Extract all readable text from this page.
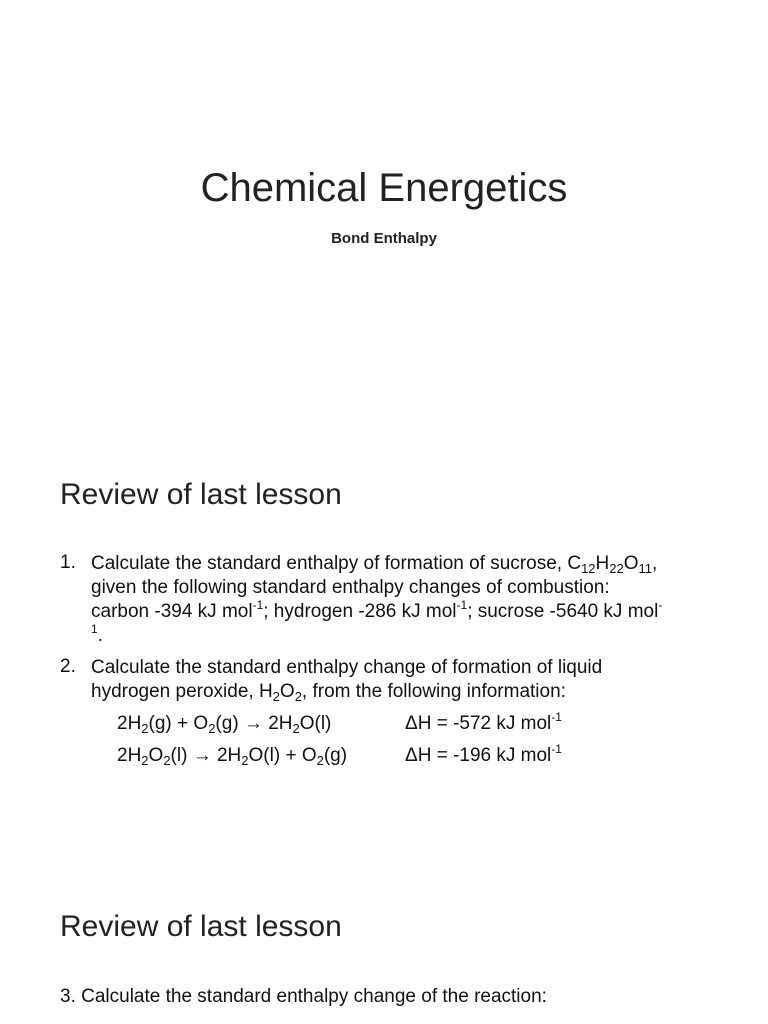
Chemical Energetics
Bond Enthalpy
Review of last lesson
1. Calculate the standard enthalpy of formation of sucrose, $C_{12}H_{22}O_{11}$,
given the following standard enthalpy changes of combustion:
carbon -394 kJ mol$^{-1}$; hydrogen -286 kJ mol$^{-1}$; sucrose -5640 kJ mol-
$^1$.
2. Calculate the standard enthalpy change of formation of liquid
hydrogen peroxide, $H_2O_2$, from the following information:
$2H_2(g) + O_2(g) \to 2H_2O(l)$	ΔH = -572 kJ mol$^{-1}$
$2H_2O_2(l) \to 2H_2O(l) + O_2(g)$	ΔH = -196 kJ mol$^{-1}$
Review of last lesson
3. Calculate the standard enthalpy change of the reaction:
